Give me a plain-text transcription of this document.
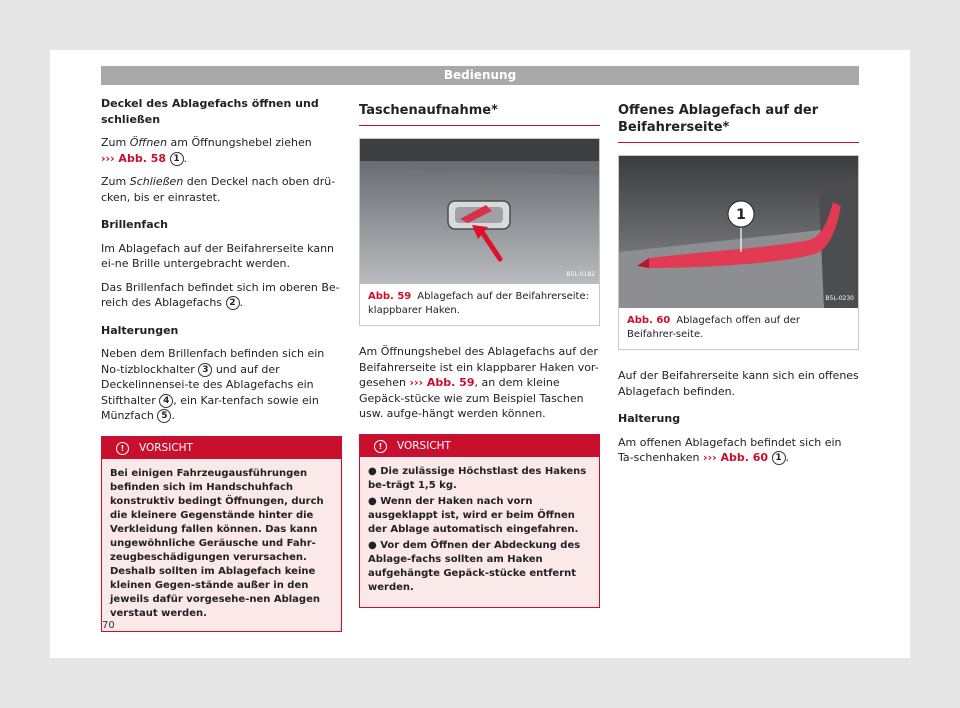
Bedienung

Deckel des Ablagefachs öffnen und schließen

Zum Öffnen am Öffnungshebel ziehen
››› Abb. 58 1 .

Zum Schließen den Deckel nach oben drü-cken, bis er einrastet.

Brillenfach

Im Ablagefach auf der Beifahrerseite kann ei-ne Brille untergebracht werden.

Das Brillenfach befindet sich im oberen Be-reich des Ablagefachs 2 .

Halterungen

Neben dem Brillenfach befinden sich ein No-tizblockhalter 3 und auf der Deckelinnensei-te des Ablagefachs ein Stifthalter 4 , ein Kar-tenfach sowie ein Münzfach 5 .

! VORSICHT
Bei einigen Fahrzeugausführungen befinden sich im Handschuhfach konstruktiv bedingt Öffnungen, durch die kleinere Gegenstände hinter die Verkleidung fallen können. Das kann ungewöhnliche Geräusche und Fahr-zeugbeschädigungen verursachen. Deshalb sollten im Ablagefach keine kleinen Gegen-stände außer in den jeweils dafür vorgesehe-nen Ablagen verstaut werden.
Taschenaufnahme*
B5L-0182
Abb. 59 Ablagefach auf der Beifahrerseite: klappbarer Haken.

Am Öffnungshebel des Ablagefachs auf der Beifahrerseite ist ein klappbarer Haken vor-gesehen ››› Abb. 59, an dem kleine Gepäck-stücke wie zum Beispiel Taschen usw. aufge-hängt werden können.

! VORSICHT
● Die zulässige Höchstlast des Hakens be-trägt 1,5 kg.
● Wenn der Haken nach vorn ausgeklappt ist, wird er beim Öffnen der Ablage automatisch eingefahren.
● Vor dem Öffnen der Abdeckung des Ablage-fachs sollten am Haken aufgehängte Gepäck-stücke entfernt werden.
Offenes Ablagefach auf der Beifahrerseite*
1
B5L-0230
Abb. 60 Ablagefach offen auf der Beifahrer-seite.

Auf der Beifahrerseite kann sich ein offenes Ablagefach befinden.

Halterung

Am offenen Ablagefach befindet sich ein Ta-schenhaken ››› Abb. 60 1 .

70
